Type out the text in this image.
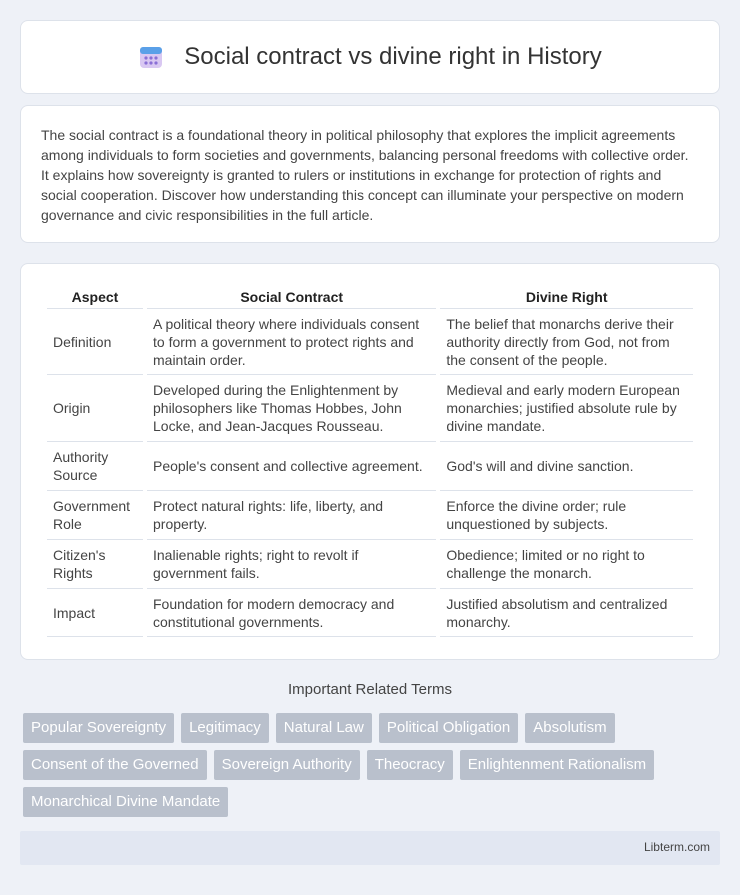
Social contract vs divine right in History

The social contract is a foundational theory in political philosophy that explores the implicit agreements among individuals to form societies and governments, balancing personal freedoms with collective order. It explains how sovereignty is granted to rulers or institutions in exchange for protection of rights and social cooperation. Discover how understanding this concept can illuminate your perspective on modern governance and civic responsibilities in the full article.

Aspect	Social Contract	Divine Right
Definition	A political theory where individuals consent to form a government to protect rights and maintain order.	The belief that monarchs derive their authority directly from God, not from the consent of the people.
Origin	Developed during the Enlightenment by philosophers like Thomas Hobbes, John Locke, and Jean-Jacques Rousseau.	Medieval and early modern European monarchies; justified absolute rule by divine mandate.
Authority Source	People's consent and collective agreement.	God's will and divine sanction.
Government Role	Protect natural rights: life, liberty, and property.	Enforce the divine order; rule unquestioned by subjects.
Citizen's Rights	Inalienable rights; right to revolt if government fails.	Obedience; limited or no right to challenge the monarch.
Impact	Foundation for modern democracy and constitutional governments.	Justified absolutism and centralized monarchy.
Important Related Terms
Popular Sovereignty	Legitimacy	Natural Law	Political Obligation	Absolutism
Consent of the Governed	Sovereign Authority	Theocracy	Enlightenment Rationalism
Monarchical Divine Mandate
Libterm.com
